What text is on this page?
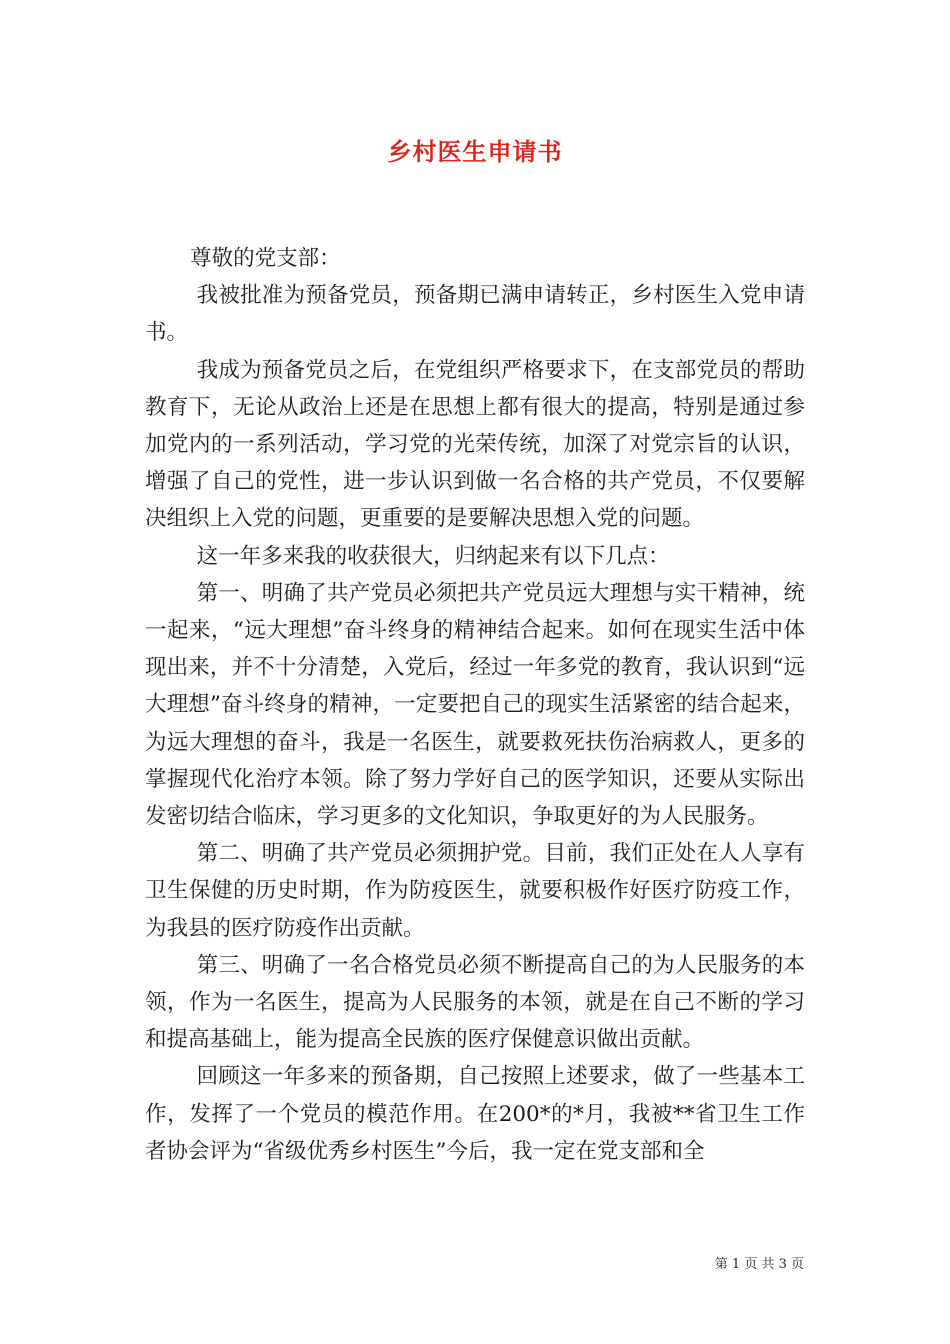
乡村医生申请书

尊敬的党支部：

我被批准为预备党员，预备期已满申请转正，乡村医生入党申请书。

我成为预备党员之后，在党组织严格要求下，在支部党员的帮助教育下，无论从政治上还是在思想上都有很大的提高，特别是通过参加党内的一系列活动，学习党的光荣传统，加深了对党宗旨的认识，增强了自己的党性，进一步认识到做一名合格的共产党员，不仅要解决组织上入党的问题，更重要的是要解决思想入党的问题。

这一年多来我的收获很大，归纳起来有以下几点：

第一、明确了共产党员必须把共产党员远大理想与实干精神，统一起来，“远大理想”奋斗终身的精神结合起来。如何在现实生活中体现出来，并不十分清楚，入党后，经过一年多党的教育，我认识到“远大理想”奋斗终身的精神，一定要把自己的现实生活紧密的结合起来，为远大理想的奋斗，我是一名医生，就要救死扶伤治病救人，更多的掌握现代化治疗本领。除了努力学好自己的医学知识，还要从实际出发密切结合临床，学习更多的文化知识，争取更好的为人民服务。

第二、明确了共产党员必须拥护党。目前，我们正处在人人享有卫生保健的历史时期，作为防疫医生，就要积极作好医疗防疫工作，为我县的医疗防疫作出贡献。

第三、明确了一名合格党员必须不断提高自己的为人民服务的本领，作为一名医生，提高为人民服务的本领，就是在自己不断的学习和提高基础上，能为提高全民族的医疗保健意识做出贡献。

回顾这一年多来的预备期，自己按照上述要求，做了一些基本工作，发挥了一个党员的模范作用。在200*的*月，我被**省卫生工作者协会评为“省级优秀乡村医生”今后，我一定在党支部和全

第 1 页 共 3 页
